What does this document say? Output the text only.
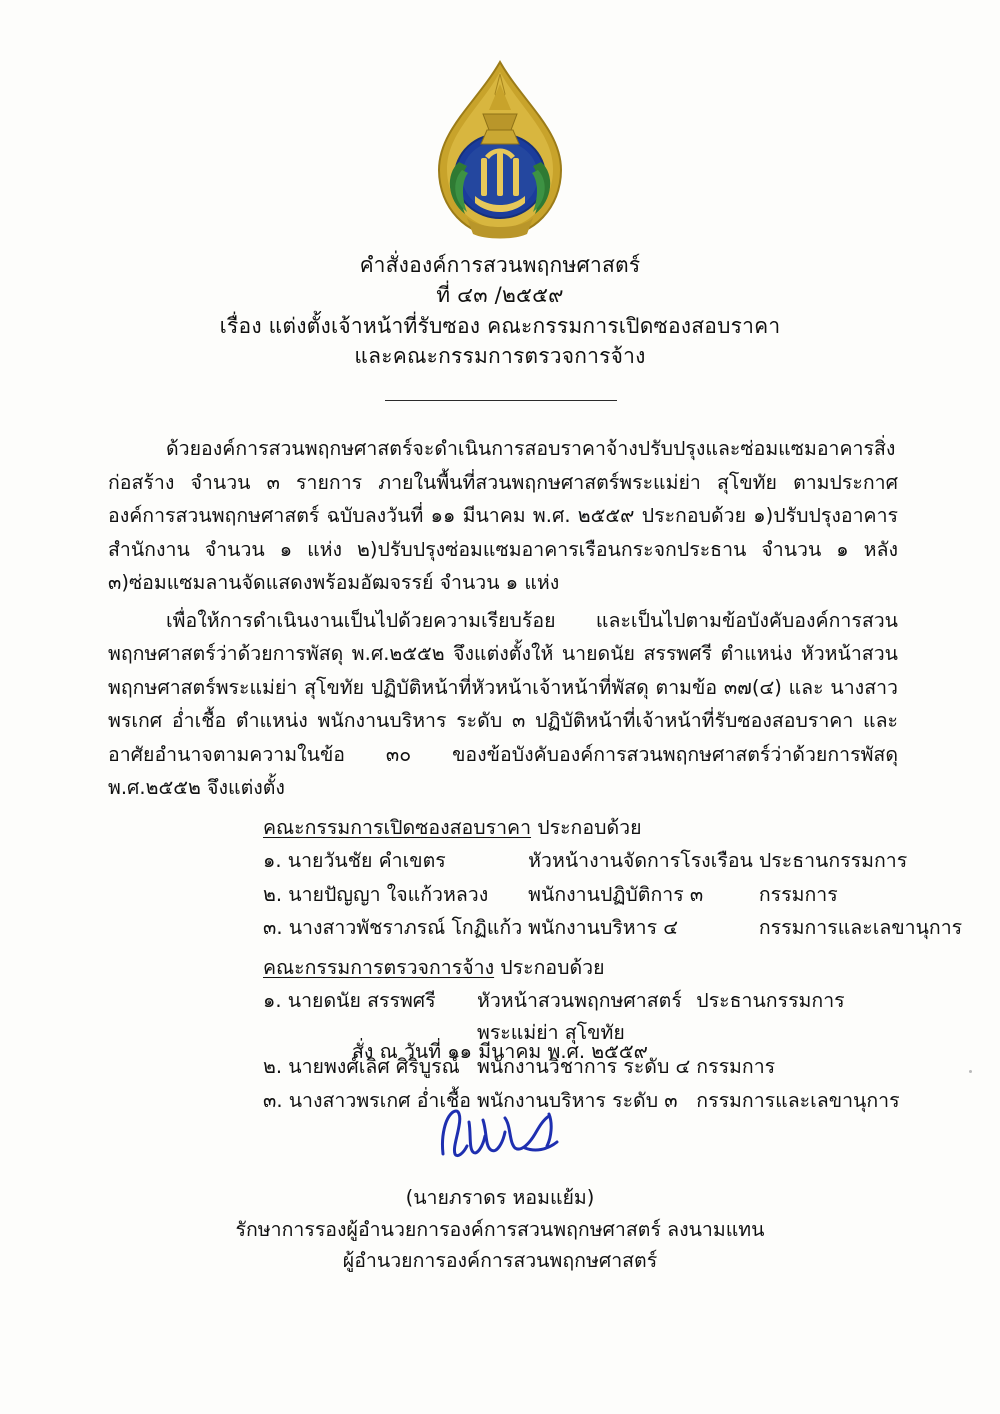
คำสั่งองค์การสวนพฤกษศาสตร์
ที่ ๔๓ /๒๕๕๙
เรื่อง แต่งตั้งเจ้าหน้าที่รับซอง คณะกรรมการเปิดซองสอบราคา
และคณะกรรมการตรวจการจ้าง

ด้วยองค์การสวนพฤกษศาสตร์จะดำเนินการสอบราคาจ้างปรับปรุงและซ่อมแซมอาคารสิ่งก่อสร้าง จำนวน ๓ รายการ ภายในพื้นที่สวนพฤกษศาสตร์พระแม่ย่า สุโขทัย ตามประกาศองค์การสวนพฤกษศาสตร์ ฉบับลงวันที่ ๑๑ มีนาคม พ.ศ. ๒๕๕๙ ประกอบด้วย ๑)ปรับปรุงอาคารสำนักงาน จำนวน ๑ แห่ง ๒)ปรับปรุงซ่อมแซมอาคารเรือนกระจกประธาน จำนวน ๑ หลัง ๓)ซ่อมแซมลานจัดแสดงพร้อมอัฒจรรย์ จำนวน ๑ แห่ง

เพื่อให้การดำเนินงานเป็นไปด้วยความเรียบร้อย และเป็นไปตามข้อบังคับองค์การสวนพฤกษศาสตร์ว่าด้วยการพัสดุ พ.ศ.๒๕๕๒ จึงแต่งตั้งให้ นายดนัย สรรพศรี ตำแหน่ง หัวหน้าสวนพฤกษศาสตร์พระแม่ย่า สุโขทัย ปฏิบัติหน้าที่หัวหน้าเจ้าหน้าที่พัสดุ ตามข้อ ๓๗(๔) และ นางสาวพรเกศ อ่ำเชื้อ ตำแหน่ง พนักงานบริหาร ระดับ ๓ ปฏิบัติหน้าที่เจ้าหน้าที่รับซองสอบราคา และอาศัยอำนาจตามความในข้อ ๓๐ ของข้อบังคับองค์การสวนพฤกษศาสตร์ว่าด้วยการพัสดุ พ.ศ.๒๕๕๒ จึงแต่งตั้ง

คณะกรรมการเปิดซองสอบราคา ประกอบด้วย
๑. นายวันชัย คำเขตร	หัวหน้างานจัดการโรงเรือน	ประธานกรรมการ
๒. นายปัญญา ใจแก้วหลวง	พนักงานปฏิบัติการ ๓	กรรมการ
๓. นางสาวพัชราภรณ์ โกฏิแก้ว	พนักงานบริหาร ๔	กรรมการและเลขานุการ
คณะกรรมการตรวจการจ้าง ประกอบด้วย
๑. นายดนัย สรรพศรี	หัวหน้าสวนพฤกษศาสตร์	ประธานกรรมการ
	พระแม่ย่า สุโขทัย	
๒. นายพงศ์เลิศ ศิริบูรณ์	พนักงานวิชาการ ระดับ ๔	กรรมการ
๓. นางสาวพรเกศ อ่ำเชื้อ	พนักงานบริหาร ระดับ ๓	กรรมการและเลขานุการ
สั่ง ณ วันที่ ๑๑ มีนาคม พ.ศ. ๒๕๕๙
(นายภราดร หอมแย้ม)
รักษาการรองผู้อำนวยการองค์การสวนพฤกษศาสตร์ ลงนามแทน
ผู้อำนวยการองค์การสวนพฤกษศาสตร์
